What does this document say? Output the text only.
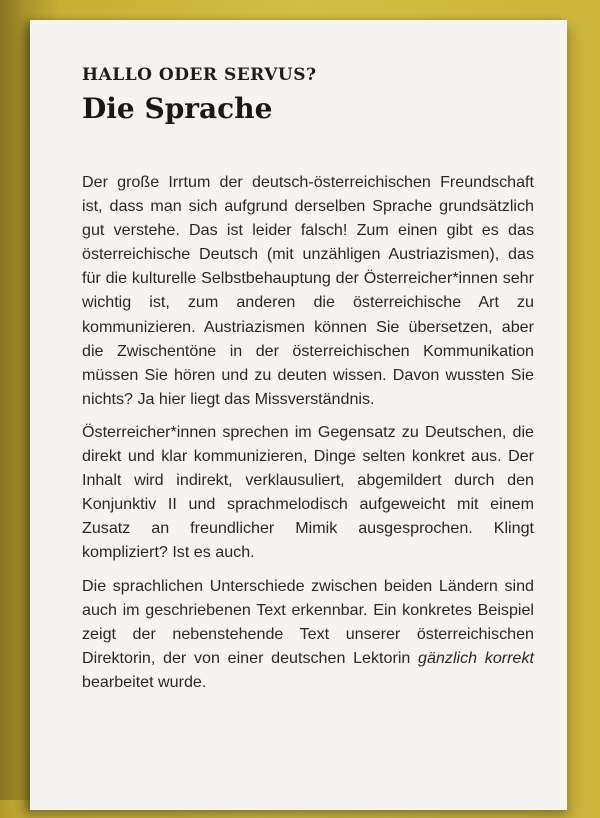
HALLO ODER SERVUS?
Die Sprache

Der große Irrtum der deutsch-österreichischen Freundschaft ist, dass man sich aufgrund derselben Sprache grundsätzlich gut verstehe. Das ist leider falsch! Zum einen gibt es das österreichische Deutsch (mit unzähligen Austriazismen), das für die kulturelle Selbstbehauptung der Österreicher*innen sehr wichtig ist, zum anderen die österreichische Art zu kommunizieren. Austriazismen können Sie übersetzen, aber die Zwischentöne in der österreichischen Kommunikation müssen Sie hören und zu deuten wissen. Davon wussten Sie nichts? Ja hier liegt das Missverständnis.

Österreicher*innen sprechen im Gegensatz zu Deutschen, die direkt und klar kommunizieren, Dinge selten konkret aus. Der Inhalt wird indirekt, verklausuliert, abgemildert durch den Konjunktiv II und sprachmelodisch aufgeweicht mit einem Zusatz an freundlicher Mimik ausgesprochen. Klingt kompliziert? Ist es auch.

Die sprachlichen Unterschiede zwischen beiden Ländern sind auch im geschriebenen Text erkennbar. Ein konkretes Beispiel zeigt der nebenstehende Text unserer österreichischen Direktorin, der von einer deutschen Lektorin gänzlich korrekt bearbeitet wurde.
